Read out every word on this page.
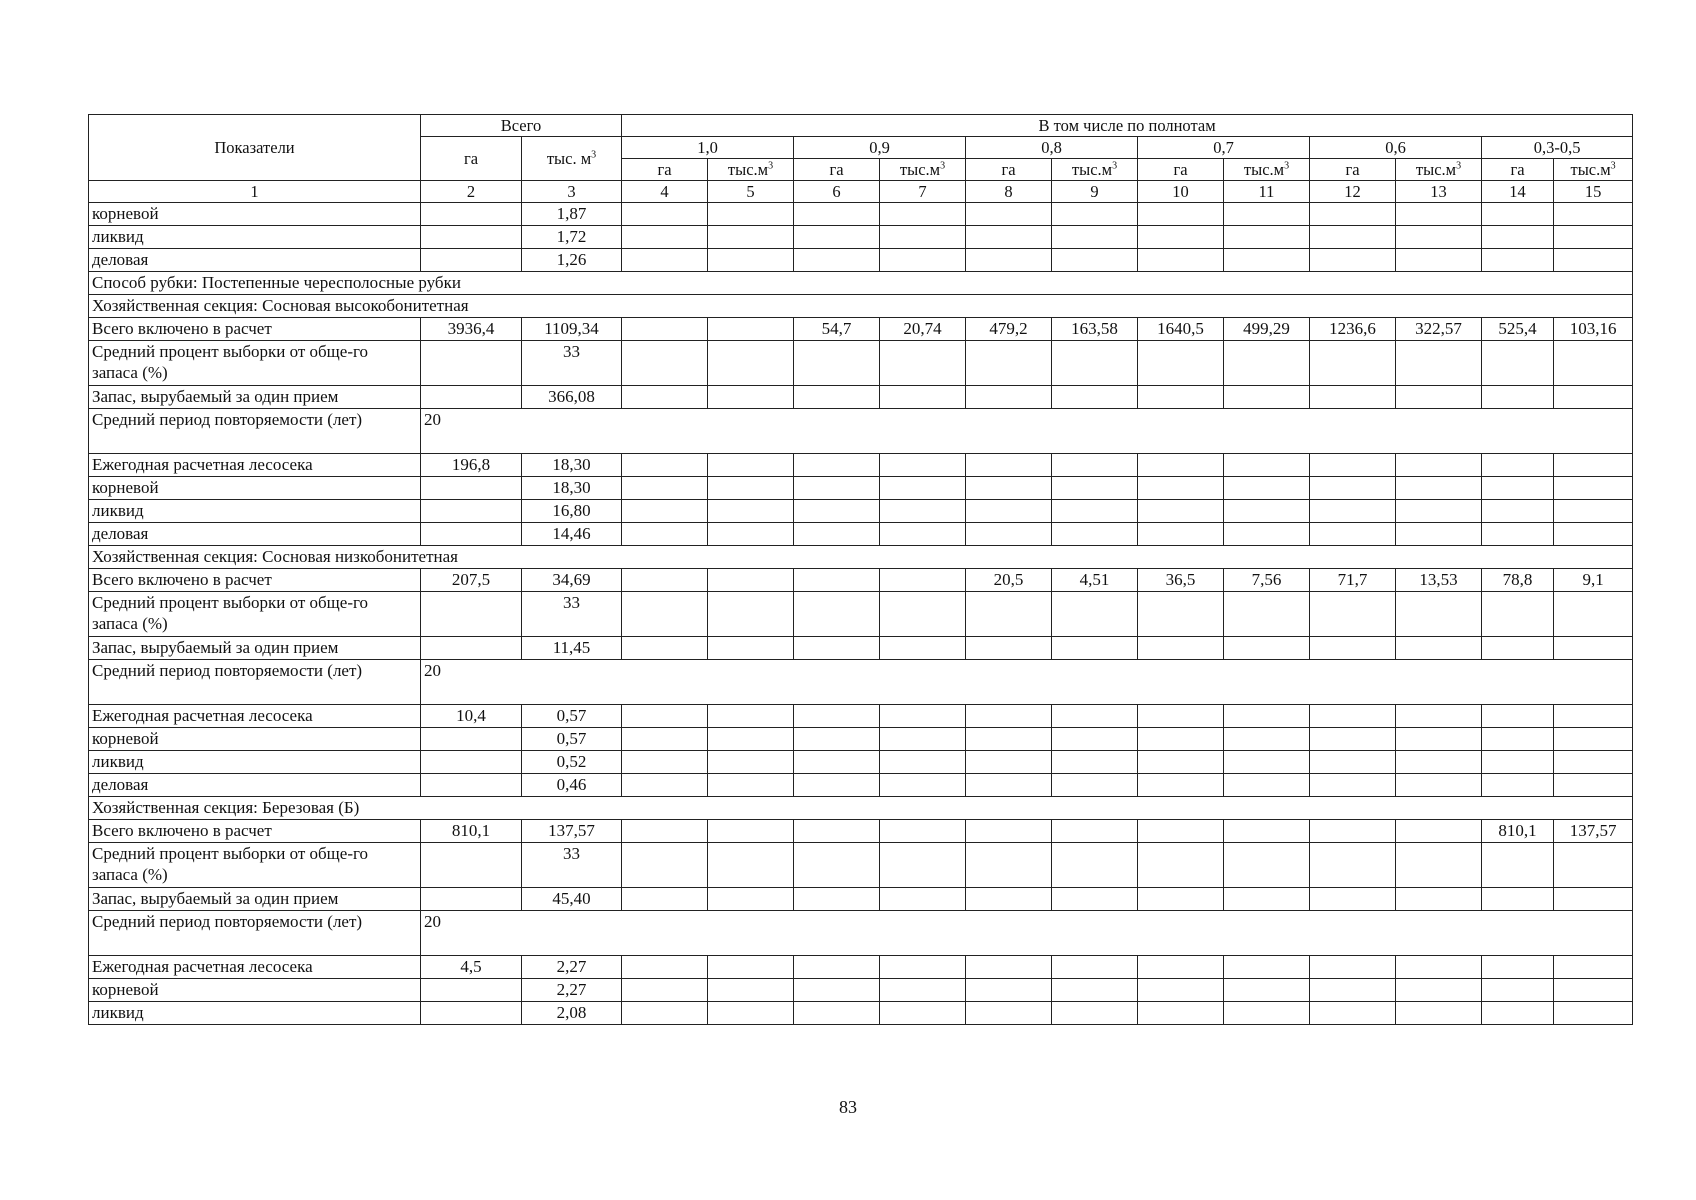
Показатели	Всего		В том числе по полнотам											
	га	тыс. $м^3$	1,0		0,9		0,8		0,7		0,6		0,3-0,5	
			га	$тыс.м^3$	га	$тыс.м^3$	га	$тыс.м^3$	га	$тыс.м^3$	га	$тыс.м^3$	га	$тыс.м^3$
1	2	3	4	5	6	7	8	9	10	11	12	13	14	15
корневой		1,87												
ликвид		1,72												
деловая		1,26												
Способ рубки: Постепенные чересполосные рубки														
Хозяйственная секция: Сосновая высокобонитетная														
Всего включено в расчет	3936,4	1109,34			54,7	20,74	479,2	163,58	1640,5	499,29	1236,6	322,57	525,4	103,16
Средний процент выборки от обще-го запаса (%)		33												
Запас, вырубаемый за один прием		366,08												
Средний период повторяемости (лет)	20													
Ежегодная расчетная лесосека	196,8	18,30												
корневой		18,30												
ликвид		16,80												
деловая		14,46												
Хозяйственная секция: Сосновая низкобонитетная														
Всего включено в расчет	207,5	34,69					20,5	4,51	36,5	7,56	71,7	13,53	78,8	9,1
Средний процент выборки от обще-го запаса (%)		33												
Запас, вырубаемый за один прием		11,45												
Средний период повторяемости (лет)	20													
Ежегодная расчетная лесосека	10,4	0,57												
корневой		0,57												
ликвид		0,52												
деловая		0,46												
Хозяйственная секция: Березовая (Б)														
Всего включено в расчет	810,1	137,57											810,1	137,57
Средний процент выборки от обще-го запаса (%)		33												
Запас, вырубаемый за один прием		45,40												
Средний период повторяемости (лет)	20													
Ежегодная расчетная лесосека	4,5	2,27												
корневой		2,27												
ликвид		2,08												
83
